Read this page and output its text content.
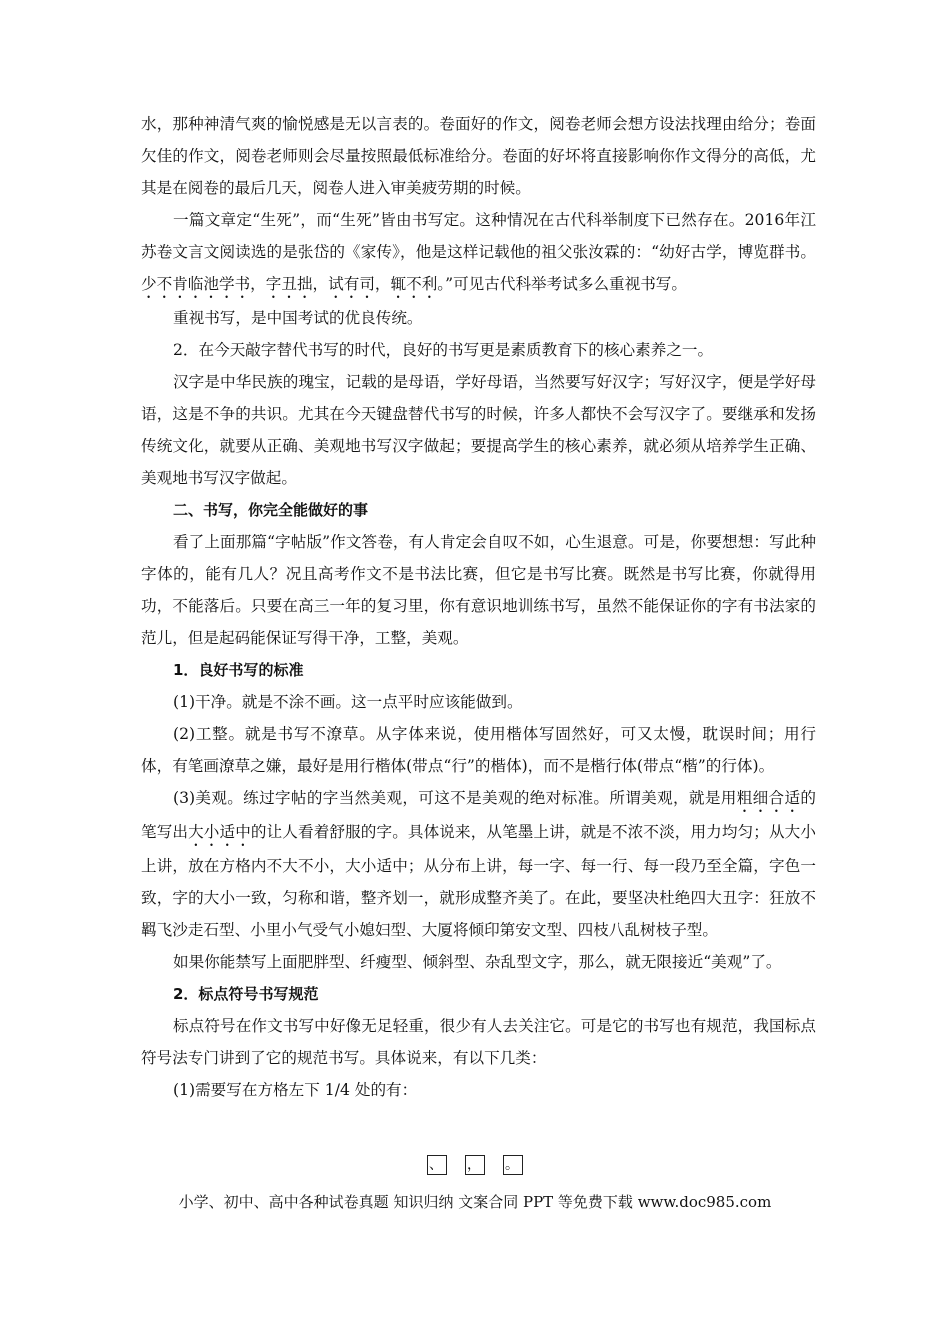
水，那种神清气爽的愉悦感是无以言表的。卷面好的作文，阅卷老师会想方设法找理由给分；卷面欠佳的作文，阅卷老师则会尽量按照最低标准给分。卷面的好坏将直接影响你作文得分的高低，尤其是在阅卷的最后几天，阅卷人进入审美疲劳期的时候。

一篇文章定“生死”，而“生死”皆由书写定。这种情况在古代科举制度下已然存在。2016年江苏卷文言文阅读选的是张岱的《家传》，他是这样记载他的祖父张汝霖的：“幼好古学，博览群书。少不肯临池学书，字丑拙，试有司，辄不利。”可见古代科举考试多么重视书写。

重视书写，是中国考试的优良传统。

2．在今天敲字替代书写的时代，良好的书写更是素质教育下的核心素养之一。

汉字是中华民族的瑰宝，记载的是母语，学好母语，当然要写好汉字；写好汉字，便是学好母语，这是不争的共识。尤其在今天键盘替代书写的时候，许多人都快不会写汉字了。要继承和发扬传统文化，就要从正确、美观地书写汉字做起；要提高学生的核心素养，就必须从培养学生正确、美观地书写汉字做起。

二、书写，你完全能做好的事

看了上面那篇“字帖版”作文答卷，有人肯定会自叹不如，心生退意。可是，你要想想：写此种字体的，能有几人？况且高考作文不是书法比赛，但它是书写比赛。既然是书写比赛，你就得用功，不能落后。只要在高三一年的复习里，你有意识地训练书写，虽然不能保证你的字有书法家的范儿，但是起码能保证写得干净，工整，美观。

1．良好书写的标准

(1)干净。就是不涂不画。这一点平时应该能做到。

(2)工整。就是书写不潦草。从字体来说，使用楷体写固然好，可又太慢，耽误时间；用行体，有笔画潦草之嫌，最好是用行楷体(带点“行”的楷体)，而不是楷行体(带点“楷”的行体)。

(3)美观。练过字帖的字当然美观，可这不是美观的绝对标准。所谓美观，就是用粗细合适的笔写出大小适中的让人看着舒服的字。具体说来，从笔墨上讲，就是不浓不淡，用力均匀；从大小上讲，放在方格内不大不小，大小适中；从分布上讲，每一字、每一行、每一段乃至全篇，字色一致，字的大小一致，匀称和谐，整齐划一，就形成整齐美了。在此，要坚决杜绝四大丑字：狂放不羁飞沙走石型、小里小气受气小媳妇型、大厦将倾印第安文型、四枝八乱树枝子型。

如果你能禁写上面肥胖型、纤瘦型、倾斜型、杂乱型文字，那么，就无限接近“美观”了。

2．标点符号书写规范

标点符号在作文书写中好像无足轻重，很少有人去关注它。可是它的书写也有规范，我国标点符号法专门讲到了它的规范书写。具体说来，有以下几类：

(1)需要写在方格左下 1/4 处的有：

、
，
。
小学、初中、高中各种试卷真题 知识归纳 文案合同 PPT 等免费下载 www.doc985.com
